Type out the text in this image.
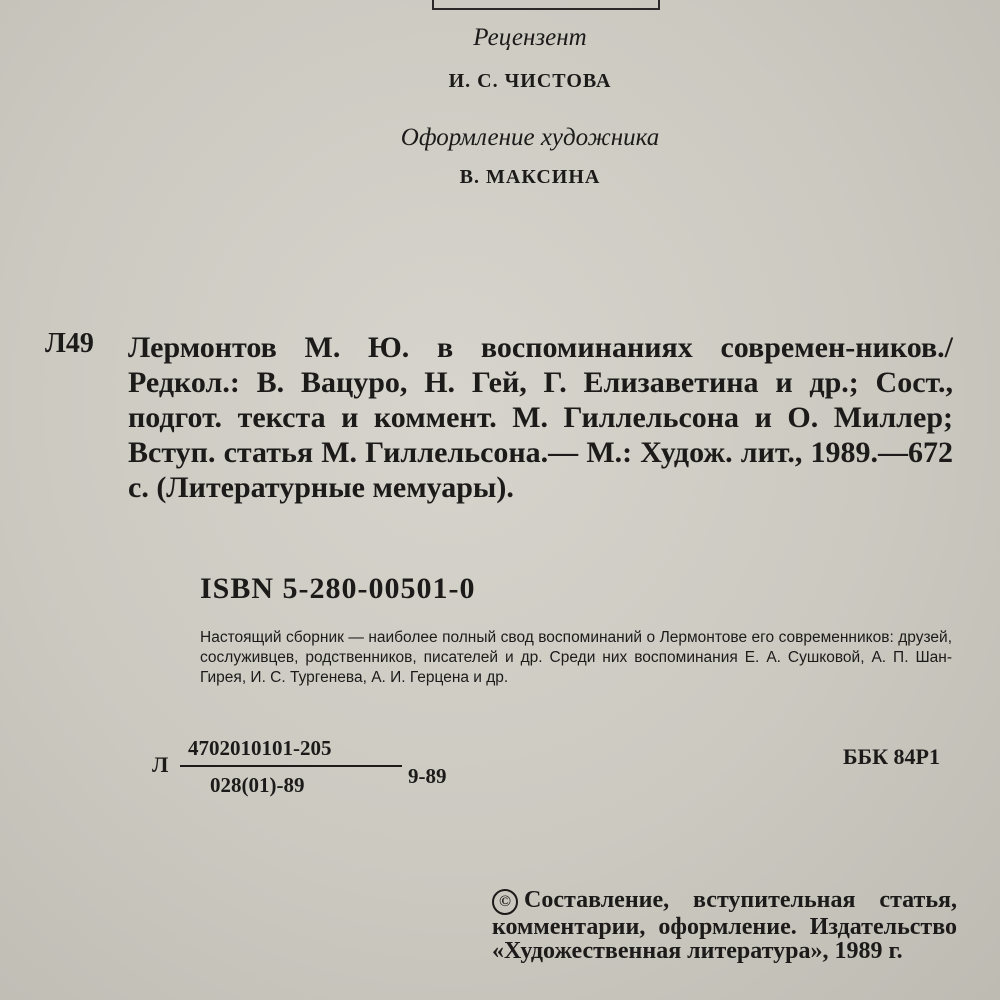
Рецензент
И. С. ЧИСТОВА
Оформление художника
В. МАКСИНА
Л49 Лермонтов М. Ю. в воспоминаниях современ-ников./Редкол.: В. Вацуро, Н. Гей, Г. Елизаветина и др.; Сост., подгот. текста и коммент. М. Гиллельсона и О. Миллер; Вступ. статья М. Гиллельсона.— М.: Худож. лит., 1989.—672 с. (Литературные мемуары).
ISBN 5-280-00501-0
Настоящий сборник — наиболее полный свод воспоминаний о Лермонтове его современников: друзей, сослуживцев, родственников, писателей и др. Среди них воспоминания Е. А. Сушковой, А. П. Шан-Гирея, И. С. Тургенева, А. И. Герцена и др.
Л
4702010101-205
028(01)-89	9-89
ББК 84Р1
© Составление, вступительная статья, комментарии, оформление. Издательство «Художественная литература», 1989 г.
